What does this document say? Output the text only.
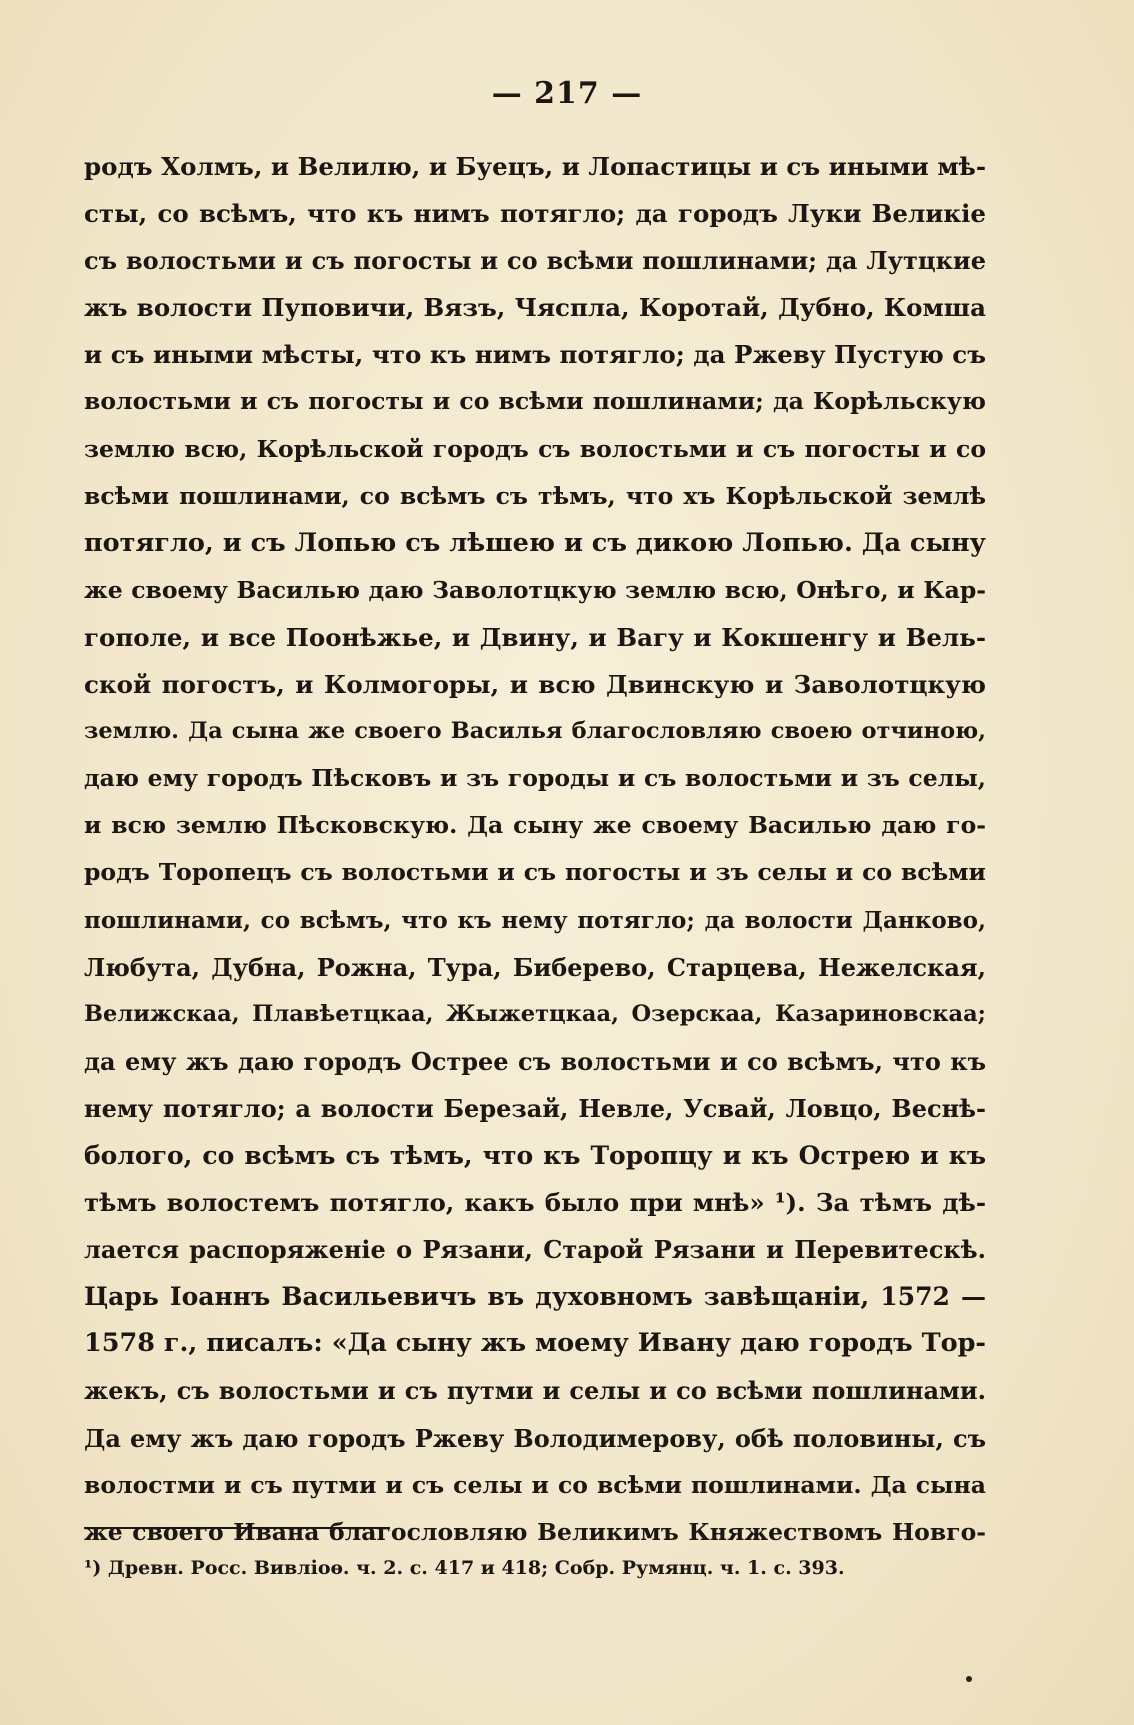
— 217 —
родъ Холмъ, и Велилю, и Буецъ, и Лопастицы и съ иными мѣ-
сты, со всѣмъ, что къ нимъ потягло; да городъ Луки Великіе
съ волостьми и съ погосты и со всѣми пошлинами; да Лутцкие
жъ волости Пуповичи, Вязъ, Чяспла, Коротай, Дубно, Комша
и съ иными мѣсты, что къ нимъ потягло; да Ржеву Пустую съ
волостьми и съ погосты и со всѣми пошлинами; да Корѣльскую
землю всю, Корѣльской городъ съ волостьми и съ погосты и со
всѣми пошлинами, со всѣмъ съ тѣмъ, что хъ Корѣльской землѣ
потягло, и съ Лопью съ лѣшею и съ дикою Лопью. Да сыну
же своему Василью даю Заволотцкую землю всю, Онѣго, и Кар-
гополе, и все Поонѣжье, и Двину, и Вагу и Кокшенгу и Вель-
ской погостъ, и Колмогоры, и всю Двинскую и Заволотцкую
землю. Да сына же своего Василья благословляю своею отчиною,
даю ему городъ Пѣсковъ и зъ городы и съ волостьми и зъ селы,
и всю землю Пѣсковскую. Да сыну же своему Василью даю го-
родъ Торопецъ съ волостьми и съ погосты и зъ селы и со всѣми
пошлинами, со всѣмъ, что къ нему потягло; да волости Данково,
Любута, Дубна, Рожна, Тура, Биберево, Старцева, Нежелская,
Велижскаа, Плавѣетцкаа, Жыжетцкаа, Озерскаа, Казариновскаа;
да ему жъ даю городъ Острее съ волостьми и со всѣмъ, что къ
нему потягло; а волости Березай, Невле, Усвай, Ловцо, Веснѣ-
бологo, со всѣмъ съ тѣмъ, что къ Торопцу и къ Острею и къ
тѣмъ волостемъ потягло, какъ было при мнѣ» ¹). За тѣмъ дѣ-
лается распоряженіе о Рязани, Старой Рязани и Перевитескѣ.
Царь Іоаннъ Васильевичъ въ духовномъ завѣщаніи, 1572 —
1578 г., писалъ: «Да сыну жъ моему Ивану даю городъ Тор-
жекъ, съ волостьми и съ путми и селы и со всѣми пошлинами.
Да ему жъ даю городъ Ржеву Володимерову, обѣ половины, съ
волостми и съ путми и съ селы и со всѣми пошлинами. Да сына
же своего Ивана благословляю Великимъ Княжествомъ Новго-
¹) Древн. Росс. Вивліоѳ. ч. 2. с. 417 и 418; Собр. Румянц. ч. 1. с. 393.
